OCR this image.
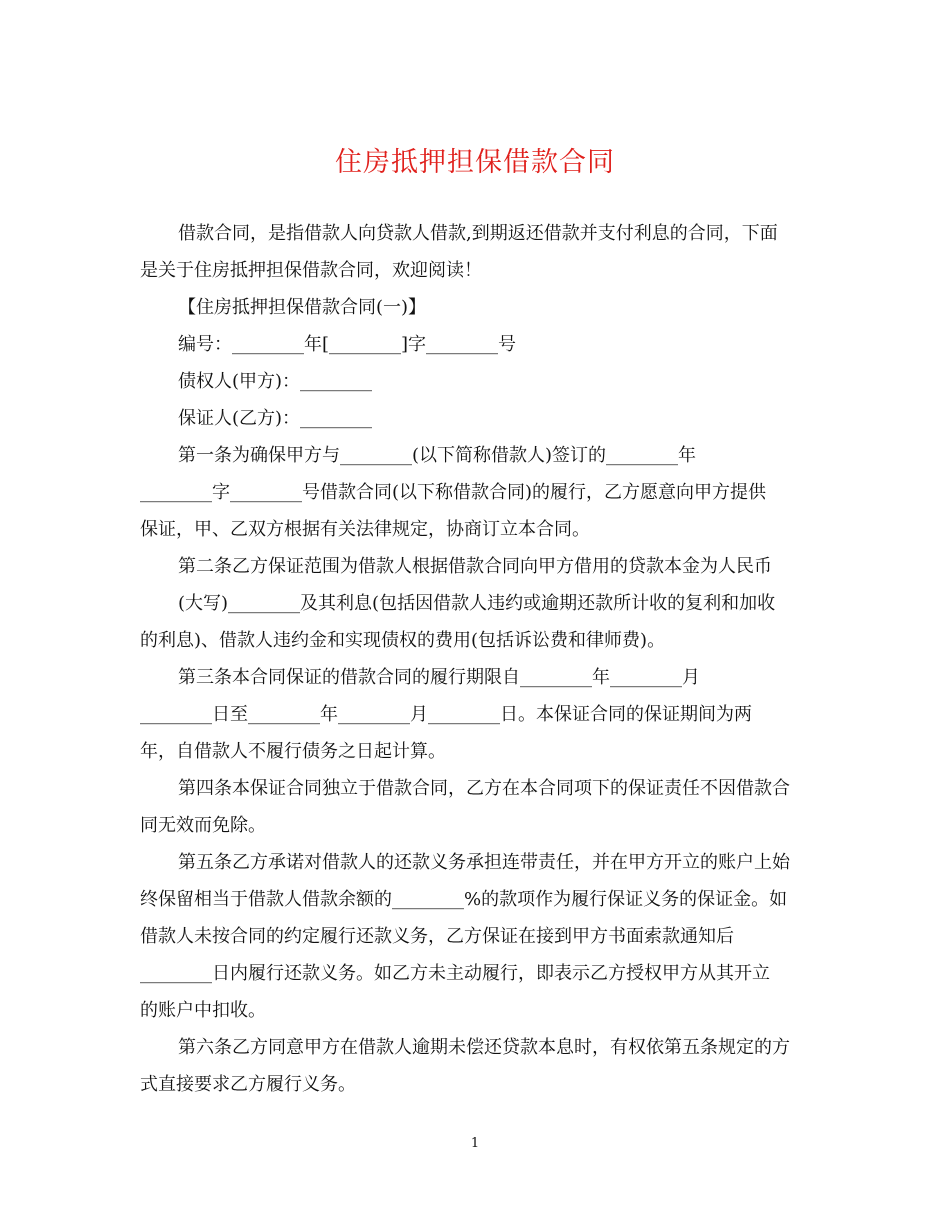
住房抵押担保借款合同
借款合同，是指借款人向贷款人借款,到期返还借款并支付利息的合同，下面
是关于住房抵押担保借款合同，欢迎阅读！
【住房抵押担保借款合同(一)】
编号：________年[________]字________号
债权人(甲方)：________
保证人(乙方)：________
第一条为确保甲方与________(以下简称借款人)签订的________年
________字________号借款合同(以下称借款合同)的履行，乙方愿意向甲方提供
保证，甲、乙双方根据有关法律规定，协商订立本合同。
第二条乙方保证范围为借款人根据借款合同向甲方借用的贷款本金为人民币
(大写)________及其利息(包括因借款人违约或逾期还款所计收的复利和加收
的利息)、借款人违约金和实现债权的费用(包括诉讼费和律师费)。
第三条本合同保证的借款合同的履行期限自________年________月
________日至________年________月________日。本保证合同的保证期间为两
年，自借款人不履行债务之日起计算。
第四条本保证合同独立于借款合同，乙方在本合同项下的保证责任不因借款合
同无效而免除。
第五条乙方承诺对借款人的还款义务承担连带责任，并在甲方开立的账户上始
终保留相当于借款人借款余额的________%的款项作为履行保证义务的保证金。如
借款人未按合同的约定履行还款义务，乙方保证在接到甲方书面索款通知后
________日内履行还款义务。如乙方未主动履行，即表示乙方授权甲方从其开立
的账户中扣收。
第六条乙方同意甲方在借款人逾期未偿还贷款本息时，有权依第五条规定的方
式直接要求乙方履行义务。
1
